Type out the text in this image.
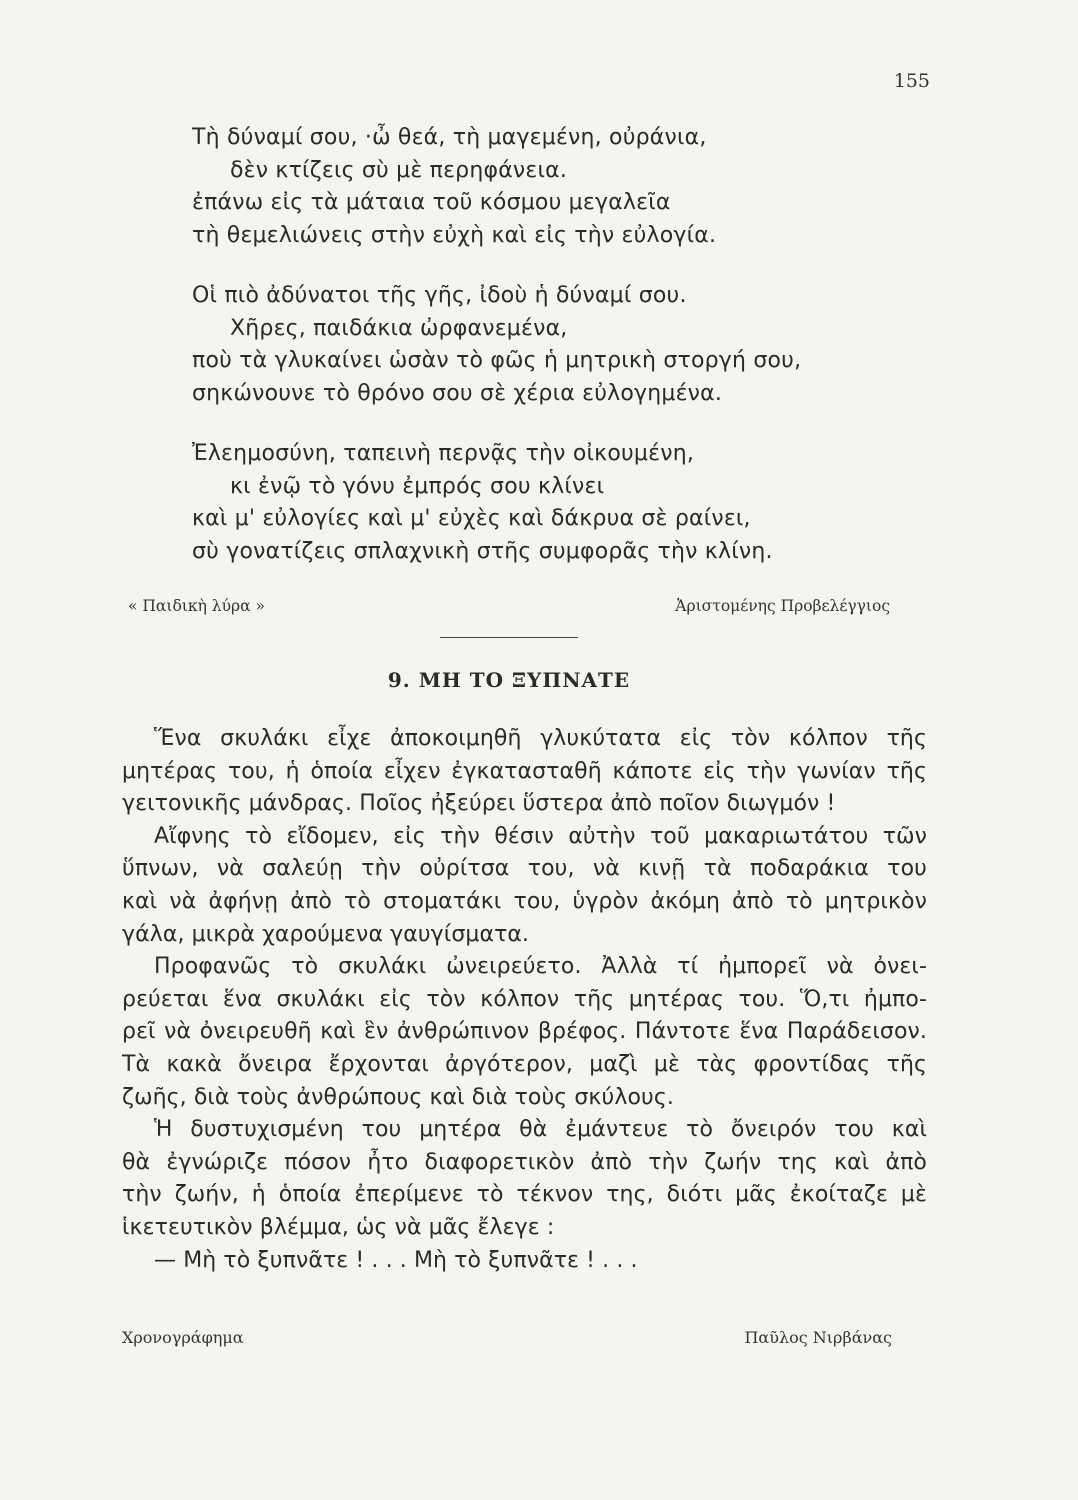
155
Τὴ δύναμί σου, ·ὦ θεά, τὴ μαγεμένη, οὐράνια,
δὲν κτίζεις σὺ μὲ περηφάνεια.
ἐπάνω εἰς τὰ μάταια τοῦ κόσμου μεγαλεῖα
τὴ θεμελιώνεις στὴν εὐχὴ καὶ εἰς τὴν εὐλογία.
Οἱ πιὸ ἀδύνατοι τῆς γῆς, ἰδοὺ ἡ δύναμί σου.
Χῆρες, παιδάκια ὠρφανεμένα,
ποὺ τὰ γλυκαίνει ὡσὰν τὸ φῶς ἡ μητρικὴ στοργή σου,
σηκώνουνε τὸ θρόνο σου σὲ χέρια εὐλογημένα.
Ἐλεημοσύνη, ταπεινὴ περνᾷς τὴν οἰκουμένη,
κι ἐνῷ τὸ γόνυ ἐμπρός σου κλίνει
καὶ μ' εὐλογίες καὶ μ' εὐχὲς καὶ δάκρυα σὲ ραίνει,
σὺ γονατίζεις σπλαχνικὴ στῆς συμφορᾶς τὴν κλίνη.
« Παιδικὴ λύρα »	Ἀριστομένης Προβελέγγιος
9. ΜΗ ΤΟ ΞΥΠΝΑΤΕ
Ἕνα σκυλάκι εἶχε ἀποκοιμηθῆ γλυκύτατα εἰς τὸν κόλπον τῆς
μητέρας του, ἡ ὁποία εἶχεν ἐγκατασταθῆ κάποτε εἰς τὴν γωνίαν τῆς
γειτονικῆς μάνδρας. Ποῖος ἠξεύρει ὕστερα ἀπὸ ποῖον διωγμόν !
Αἴφνης τὸ εἴδομεν, εἰς τὴν θέσιν αὐτὴν τοῦ μακαριωτάτου τῶν
ὕπνων, νὰ σαλεύῃ τὴν οὐρίτσα του, νὰ κινῇ τὰ ποδαράκια του
καὶ νὰ ἀφήνῃ ἀπὸ τὸ στοματάκι του, ὑγρὸν ἀκόμη ἀπὸ τὸ μητρικὸν
γάλα, μικρὰ χαρούμενα γαυγίσματα.
Προφανῶς τὸ σκυλάκι ὠνειρεύετο. Ἀλλὰ τί ἠμπορεῖ νὰ ὀνει-
ρεύεται ἕνα σκυλάκι εἰς τὸν κόλπον τῆς μητέρας του. Ὅ,τι ἠμπο-
ρεῖ νὰ ὀνειρευθῆ καὶ ἓν ἀνθρώπινον βρέφος. Πάντοτε ἕνα Παράδεισον.
Τὰ κακὰ ὄνειρα ἔρχονται ἀργότερον, μαζὶ μὲ τὰς φροντίδας τῆς
ζωῆς, διὰ τοὺς ἀνθρώπους καὶ διὰ τοὺς σκύλους.
Ἡ δυστυχισμένη του μητέρα θὰ ἐμάντευε τὸ ὄνειρόν του καὶ
θὰ ἐγνώριζε πόσον ἦτο διαφορετικὸν ἀπὸ τὴν ζωήν της καὶ ἀπὸ
τὴν ζωήν, ἡ ὁποία ἐπερίμενε τὸ τέκνον της, διότι μᾶς ἐκοίταζε μὲ
ἱκετευτικὸν βλέμμα, ὡς νὰ μᾶς ἔλεγε :
— Μὴ τὸ ξυπνᾶτε ! . . . Μὴ τὸ ξυπνᾶτε ! . . .
Χρονογράφημα	Παῦλος Νιρβάνας
